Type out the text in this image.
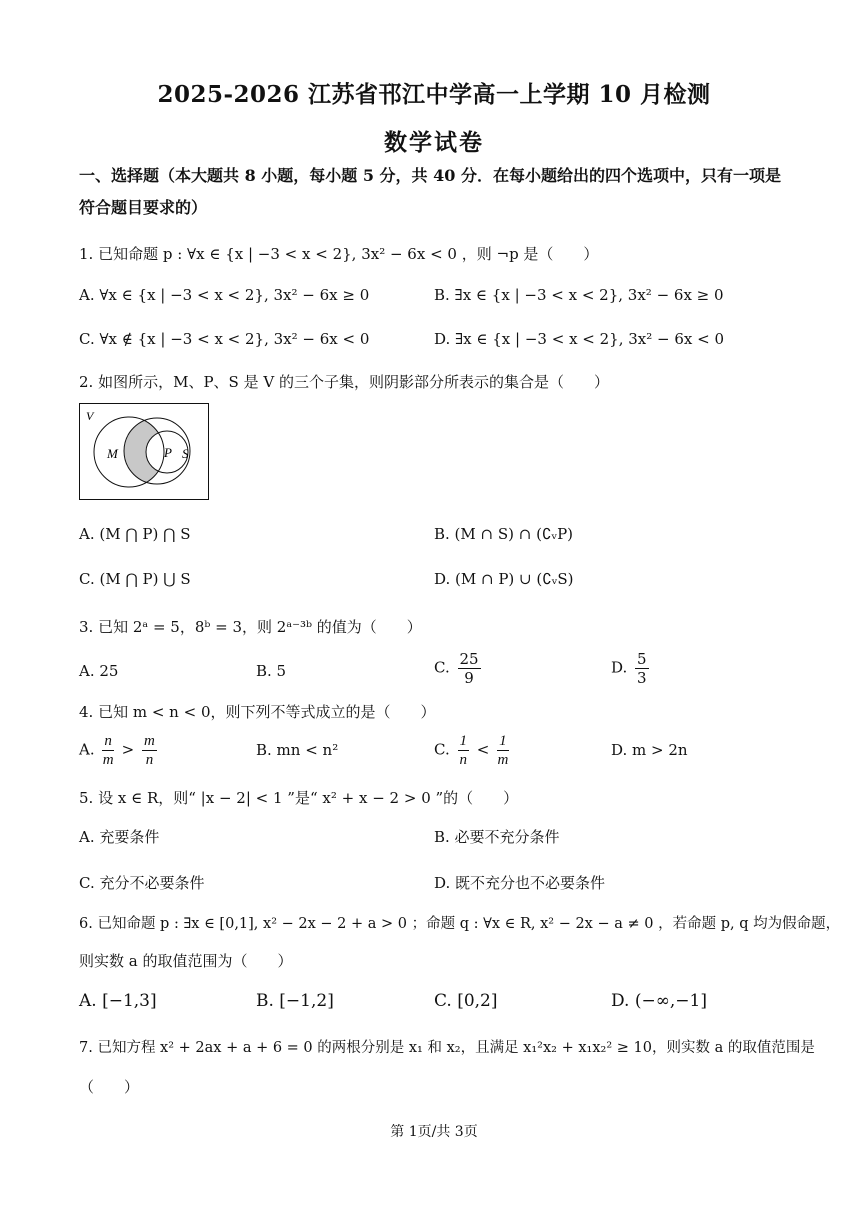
2025-2026 江苏省邗江中学高一上学期 10 月检测
数学试卷
一、选择题（本大题共 8 小题，每小题 5 分，共 40 分．在每小题给出的四个选项中，只有一项是符合题目要求的）
1. 已知命题 p : ∀x ∈ {x | −3 < x < 2}, 3x² − 6x < 0 ，则 ¬p 是（　　）
A. ∀x ∈ {x | −3 < x < 2}, 3x² − 6x ≥ 0	B. ∃x ∈ {x | −3 < x < 2}, 3x² − 6x ≥ 0
C. ∀x ∉ {x | −3 < x < 2}, 3x² − 6x < 0	D. ∃x ∈ {x | −3 < x < 2}, 3x² − 6x < 0
2. 如图所示，M、P、S 是 V 的三个子集，则阴影部分所表示的集合是（　　）
V
M	P S
A. (M ⋂ P) ⋂ S	B. (M ∩ S) ∩ (∁ᵥP)
C. (M ⋂ P) ⋃ S	D. (M ∩ P) ∪ (∁ᵥS)
3. 已知 2ᵃ = 5，8ᵇ = 3，则 2ᵃ⁻³ᵇ 的值为（　　）
A. 25	B. 5	C. $\frac{25}{9}$	D. $\frac{5}{3}$
4. 已知 m < n < 0，则下列不等式成立的是（　　）
A. $\frac{n}{m} > \frac{m}{n}$	B. mn < n²	C. $\frac{1}{n} < \frac{1}{m}$	D. m > 2n
5. 设 x ∈ R，则“ |x − 2| < 1 ”是“ x² + x − 2 > 0 ”的（　　）
A. 充要条件	B. 必要不充分条件
C. 充分不必要条件	D. 既不充分也不必要条件
6. 已知命题 p : ∃x ∈ [0,1], x² − 2x − 2 + a > 0 ；命题 q : ∀x ∈ R, x² − 2x − a ≠ 0 ，若命题 p, q 均为假命题，
则实数 a 的取值范围为（　　）
A. [−1,3]	B. [−1,2]	C. [0,2]	D. (−∞,−1]
7. 已知方程 x² + 2ax + a + 6 = 0 的两根分别是 x₁ 和 x₂，且满足 x₁²x₂ + x₁x₂² ≥ 10，则实数 a 的取值范围是
（　　）
第 1页/共 3页
